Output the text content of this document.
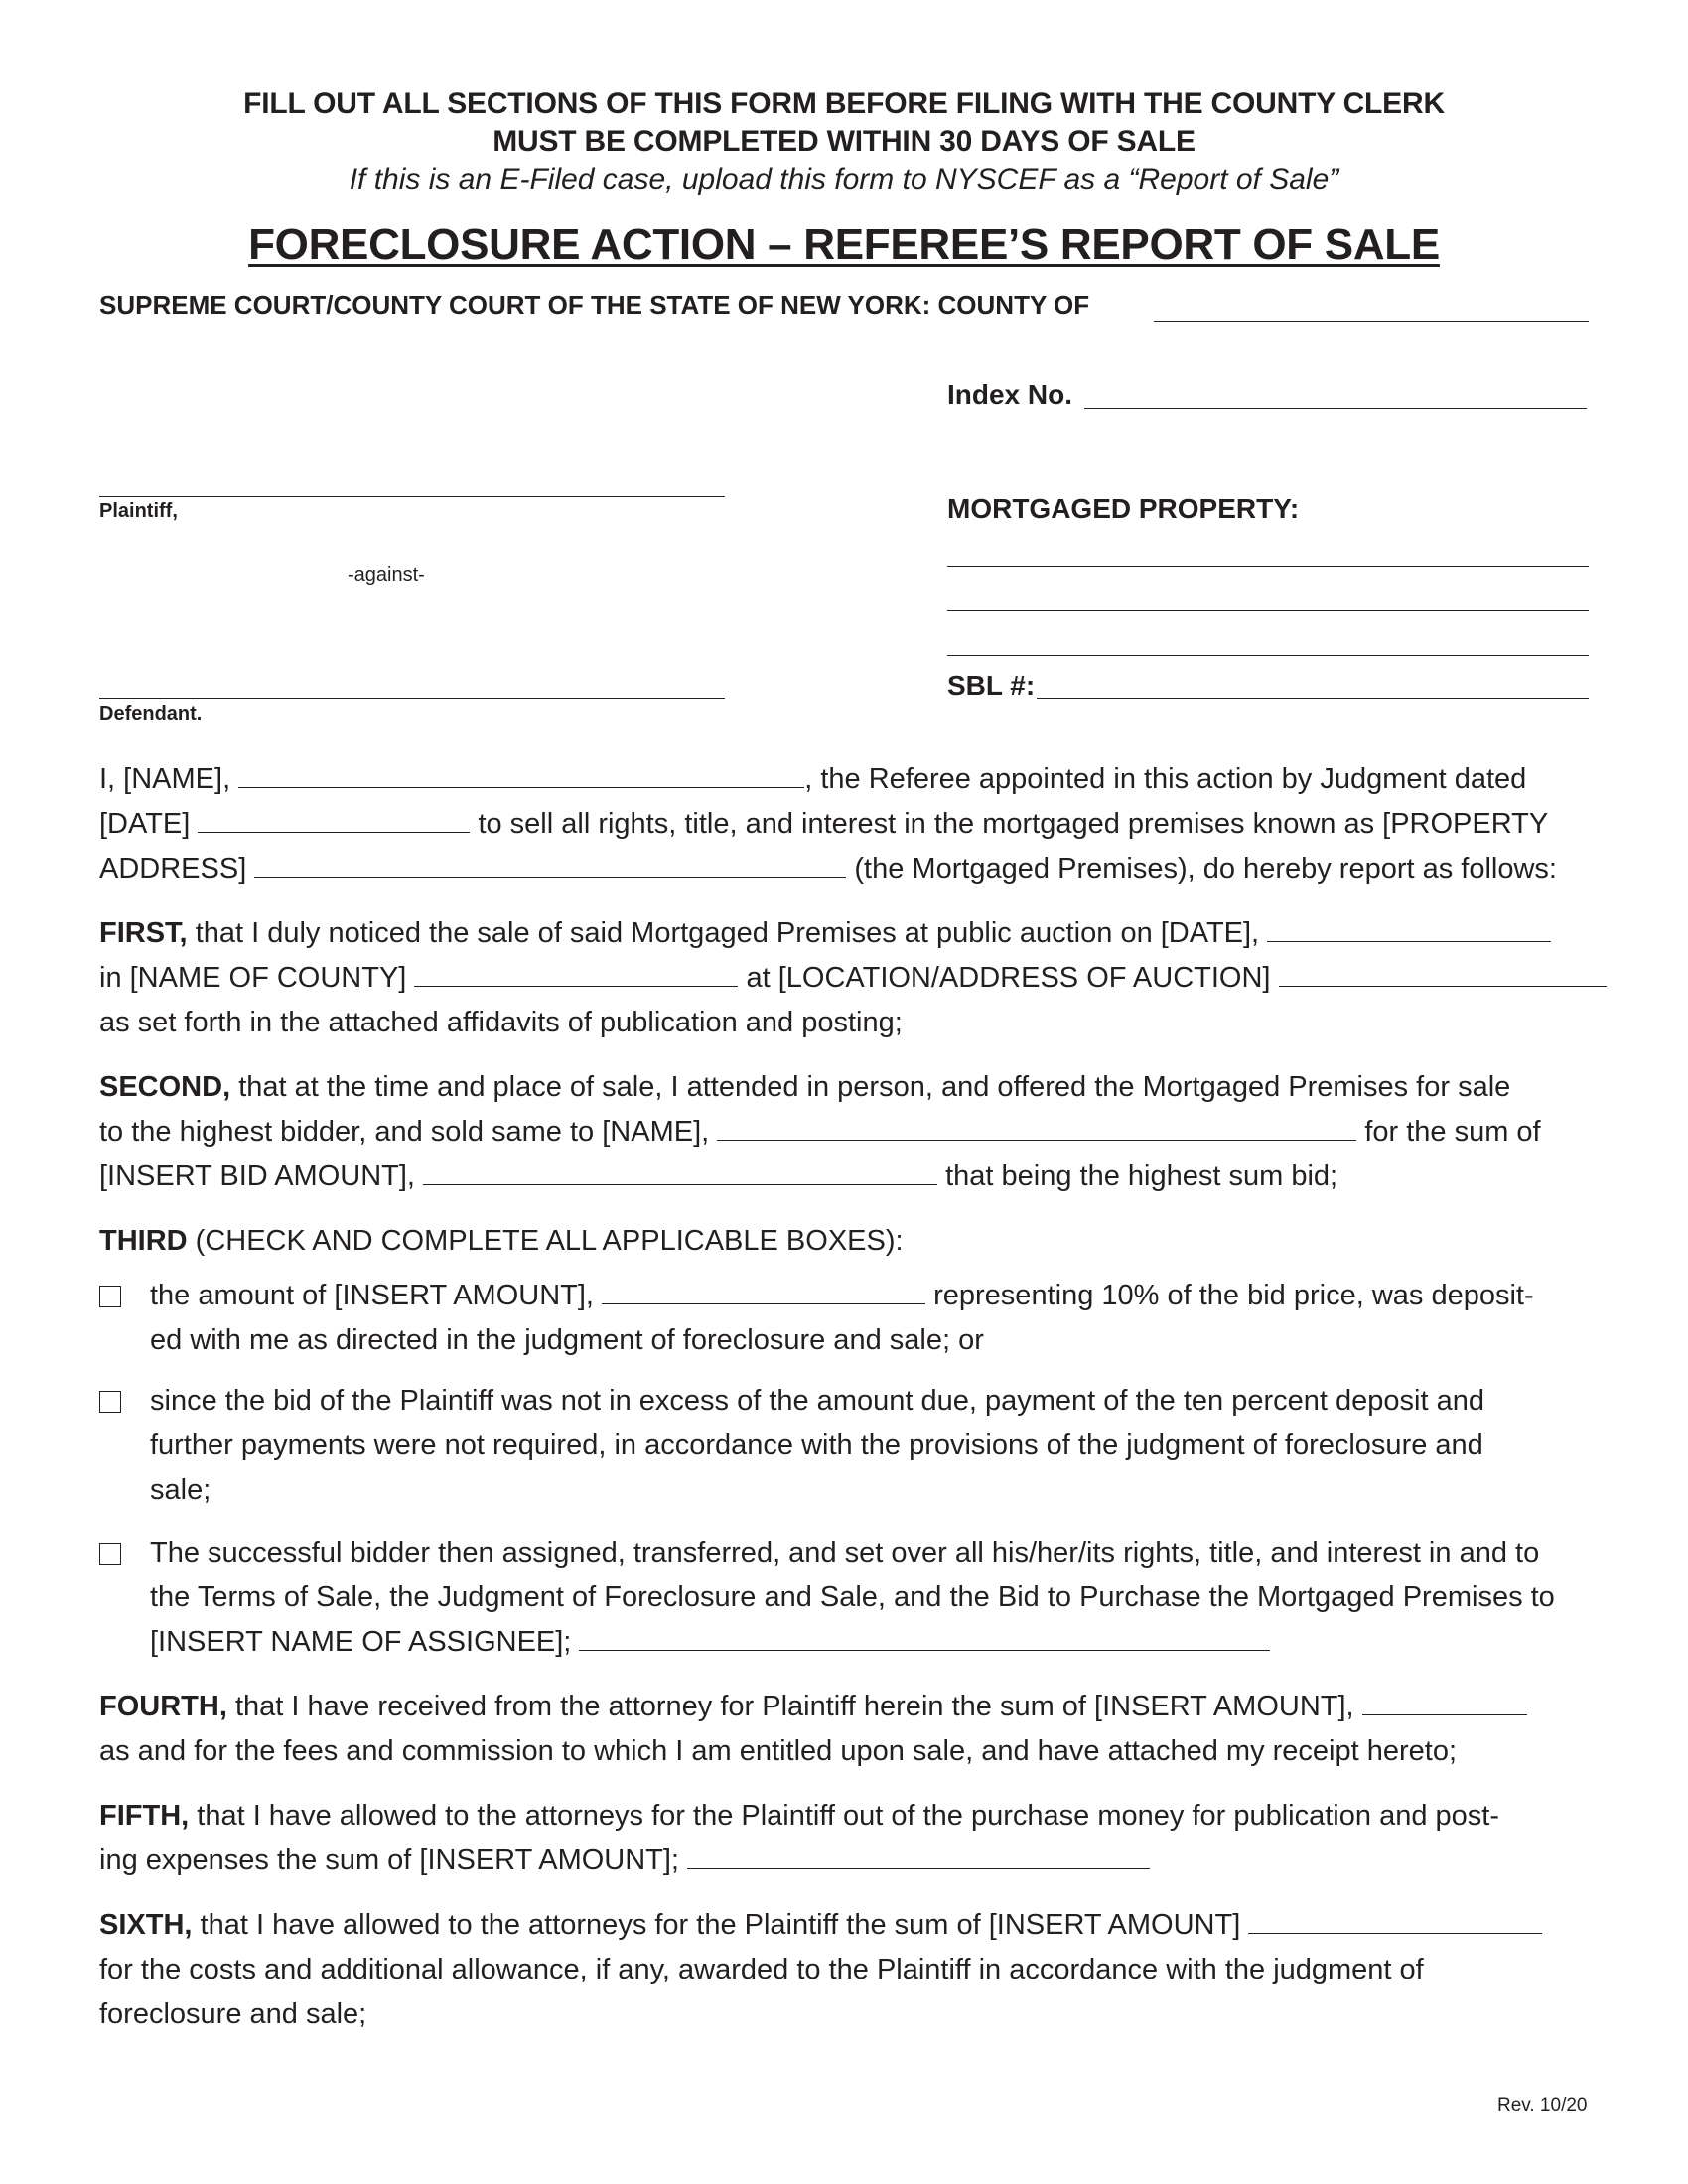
FILL OUT ALL SECTIONS OF THIS FORM BEFORE FILING WITH THE COUNTY CLERK
MUST BE COMPLETED WITHIN 30 DAYS OF SALE
If this is an E-Filed case, upload this form to NYSCEF as a “Report of Sale”
FORECLOSURE ACTION – REFEREE’S REPORT OF SALE
SUPREME COURT/COUNTY COURT OF THE STATE OF NEW YORK: COUNTY OF
Index No.
Plaintiff,
-against-
Defendant.
MORTGAGED PROPERTY:
SBL #:
I, [NAME],	, the Referee appointed in this action by Judgment dated
[DATE]	to sell all rights, title, and interest in the mortgaged premises known as [PROPERTY
ADDRESS]	(the Mortgaged Premises), do hereby report as follows:
FIRST, that I duly noticed the sale of said Mortgaged Premises at public auction on [DATE],
in [NAME OF COUNTY]	at [LOCATION/ADDRESS OF AUCTION]
as set forth in the attached affidavits of publication and posting;
SECOND, that at the time and place of sale, I attended in person, and offered the Mortgaged Premises for sale
to the highest bidder, and sold same to [NAME],	for the sum of
[INSERT BID AMOUNT],	that being the highest sum bid;
THIRD (CHECK AND COMPLETE ALL APPLICABLE BOXES):
the amount of [INSERT AMOUNT],	representing 10% of the bid price, was deposit-
ed with me as directed in the judgment of foreclosure and sale; or
since the bid of the Plaintiff was not in excess of the amount due, payment of the ten percent deposit and
further payments were not required, in accordance with the provisions of the judgment of foreclosure and
sale;
The successful bidder then assigned, transferred, and set over all his/her/its rights, title, and interest in and to
the Terms of Sale, the Judgment of Foreclosure and Sale, and the Bid to Purchase the Mortgaged Premises to
[INSERT NAME OF ASSIGNEE];
FOURTH, that I have received from the attorney for Plaintiff herein the sum of [INSERT AMOUNT],
as and for the fees and commission to which I am entitled upon sale, and have attached my receipt hereto;
FIFTH, that I have allowed to the attorneys for the Plaintiff out of the purchase money for publication and post-
ing expenses the sum of [INSERT AMOUNT];
SIXTH, that I have allowed to the attorneys for the Plaintiff the sum of [INSERT AMOUNT]
for the costs and additional allowance, if any, awarded to the Plaintiff in accordance with the judgment of
foreclosure and sale;
Rev. 10/20
